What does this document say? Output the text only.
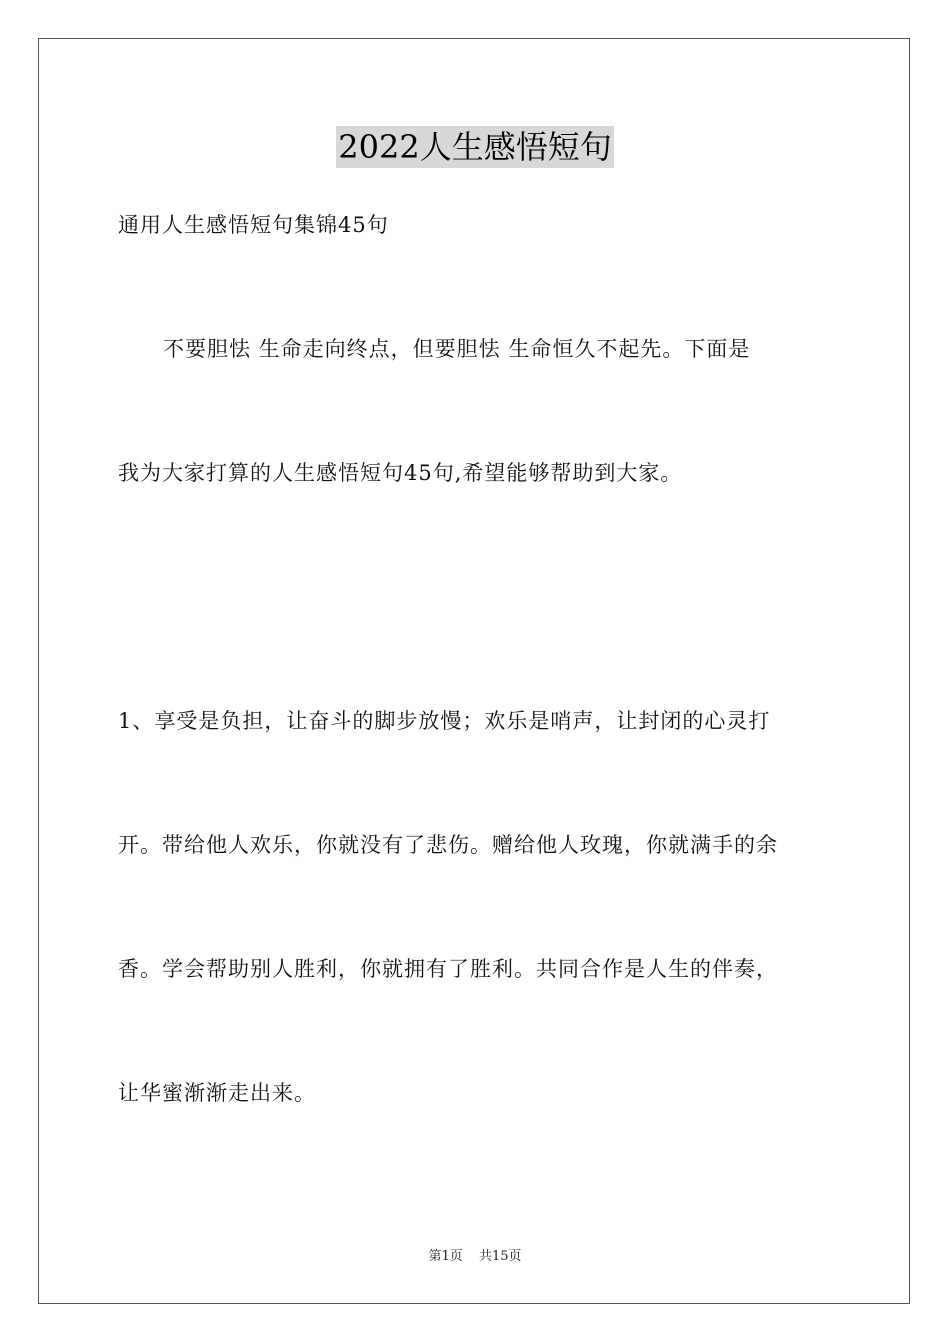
2022人生感悟短句
通用人生感悟短句集锦45句
不要胆怯 生命走向终点，但要胆怯 生命恒久不起先。下面是
我为大家打算的人生感悟短句45句,希望能够帮助到大家。
1、享受是负担，让奋斗的脚步放慢；欢乐是哨声，让封闭的心灵打
开。带给他人欢乐，你就没有了悲伤。赠给他人玫瑰，你就满手的余
香。学会帮助别人胜利，你就拥有了胜利。共同合作是人生的伴奏，
让华蜜渐渐走出来。
第1页 共15页
